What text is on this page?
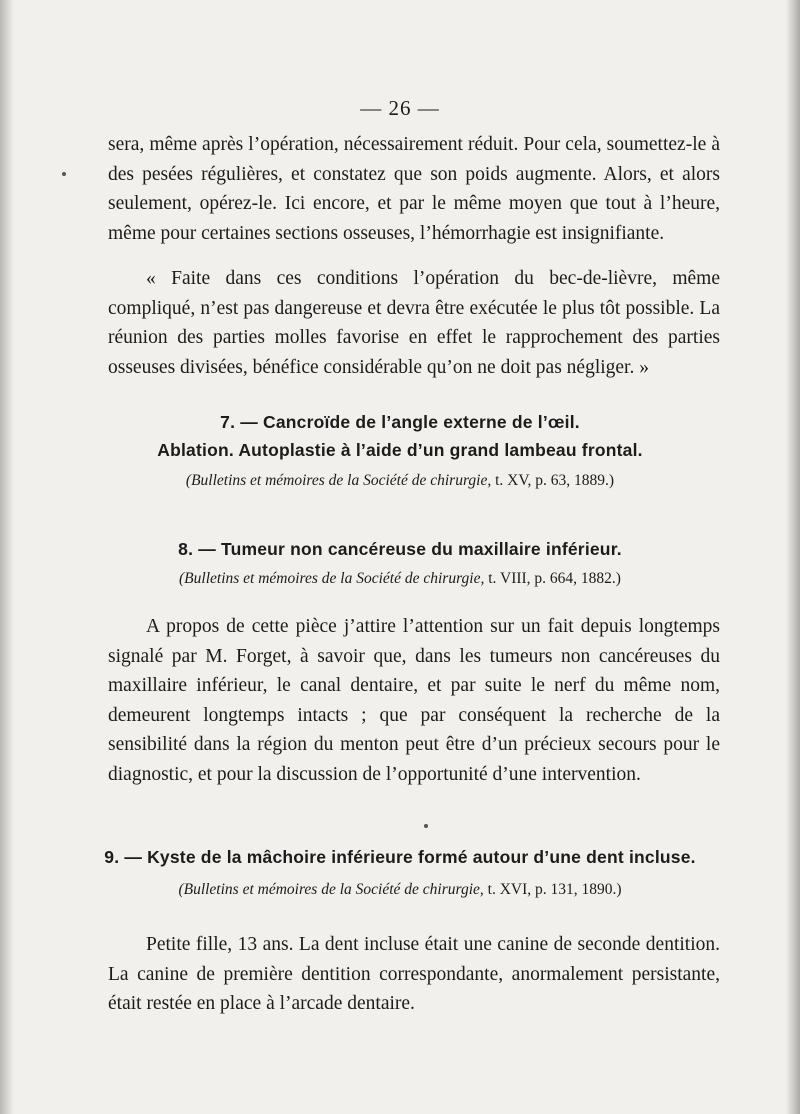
— 26 —

sera, même après l’opération, nécessairement réduit. Pour cela, soumettez-le à des pesées régulières, et constatez que son poids augmente. Alors, et alors seulement, opérez-le. Ici encore, et par le même moyen que tout à l’heure, même pour certaines sections osseuses, l’hémorrhagie est insignifiante.

« Faite dans ces conditions l’opération du bec-de-lièvre, même compliqué, n’est pas dangereuse et devra être exécutée le plus tôt possible. La réunion des parties molles favorise en effet le rapprochement des parties osseuses divisées, bénéfice considérable qu’on ne doit pas négliger. »

7. — Cancroïde de l’angle externe de l’œil.
Ablation. Autoplastie à l’aide d’un grand lambeau frontal.

(Bulletins et mémoires de la Société de chirurgie, t. XV, p. 63, 1889.)

8. — Tumeur non cancéreuse du maxillaire inférieur.

(Bulletins et mémoires de la Société de chirurgie, t. VIII, p. 664, 1882.)

A propos de cette pièce j’attire l’attention sur un fait depuis longtemps signalé par M. Forget, à savoir que, dans les tumeurs non cancéreuses du maxillaire inférieur, le canal dentaire, et par suite le nerf du même nom, demeurent longtemps intacts ; que par conséquent la recherche de la sensibilité dans la région du menton peut être d’un précieux secours pour le diagnostic, et pour la discussion de l’opportunité d’une intervention.

9. — Kyste de la mâchoire inférieure formé autour d’une dent incluse.

(Bulletins et mémoires de la Société de chirurgie, t. XVI, p. 131, 1890.)

Petite fille, 13 ans. La dent incluse était une canine de seconde dentition. La canine de première dentition correspondante, anormalement persistante, était restée en place à l’arcade dentaire.
